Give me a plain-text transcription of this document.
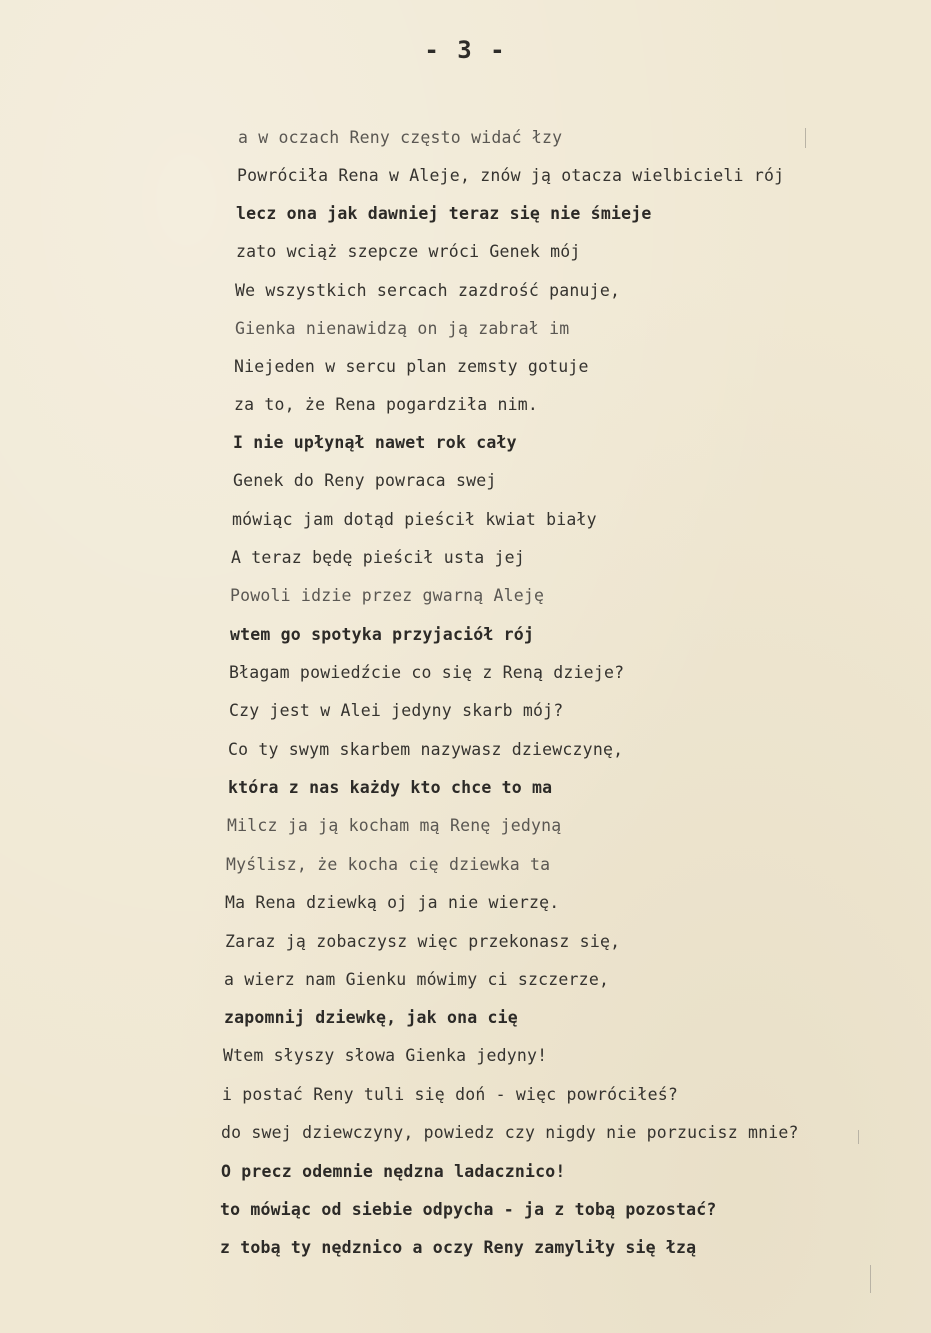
- 3 -
a w oczach Reny często widać łzy
Powróciła Rena w Aleje, znów ją otacza wielbicieli rój
lecz ona jak dawniej teraz się nie śmieje
zato wciąż szepcze wróci Genek mój
We wszystkich sercach zazdrość panuje,
Gienka nienawidzą on ją zabrał im
Niejeden w sercu plan zemsty gotuje
za to, że Rena pogardziła nim.
I nie upłynął nawet rok cały
Genek do Reny powraca swej
mówiąc jam dotąd pieścił kwiat biały
A teraz będę pieścił usta jej
Powoli idzie przez gwarną Aleję
wtem go spotyka przyjaciół rój
Błagam powiedźcie co się z Reną dzieje?
Czy jest w Alei jedyny skarb mój?
Co ty swym skarbem nazywasz dziewczynę,
która z nas każdy kto chce to ma
Milcz ja ją kocham mą Renę jedyną
Myślisz, że kocha cię dziewka ta
Ma Rena dziewką oj ja nie wierzę.
Zaraz ją zobaczysz więc przekonasz się,
a wierz nam Gienku mówimy ci szczerze,
zapomnij dziewkę, jak ona cię
Wtem słyszy słowa Gienka jedyny!
i postać Reny tuli się doń - więc powróciłeś?
do swej dziewczyny, powiedz czy nigdy nie porzucisz mnie?
O precz odemnie nędzna ladacznico!
to mówiąc od siebie odpycha - ja z tobą pozostać?
z tobą ty nędznico a oczy Reny zamyliły się łzą
